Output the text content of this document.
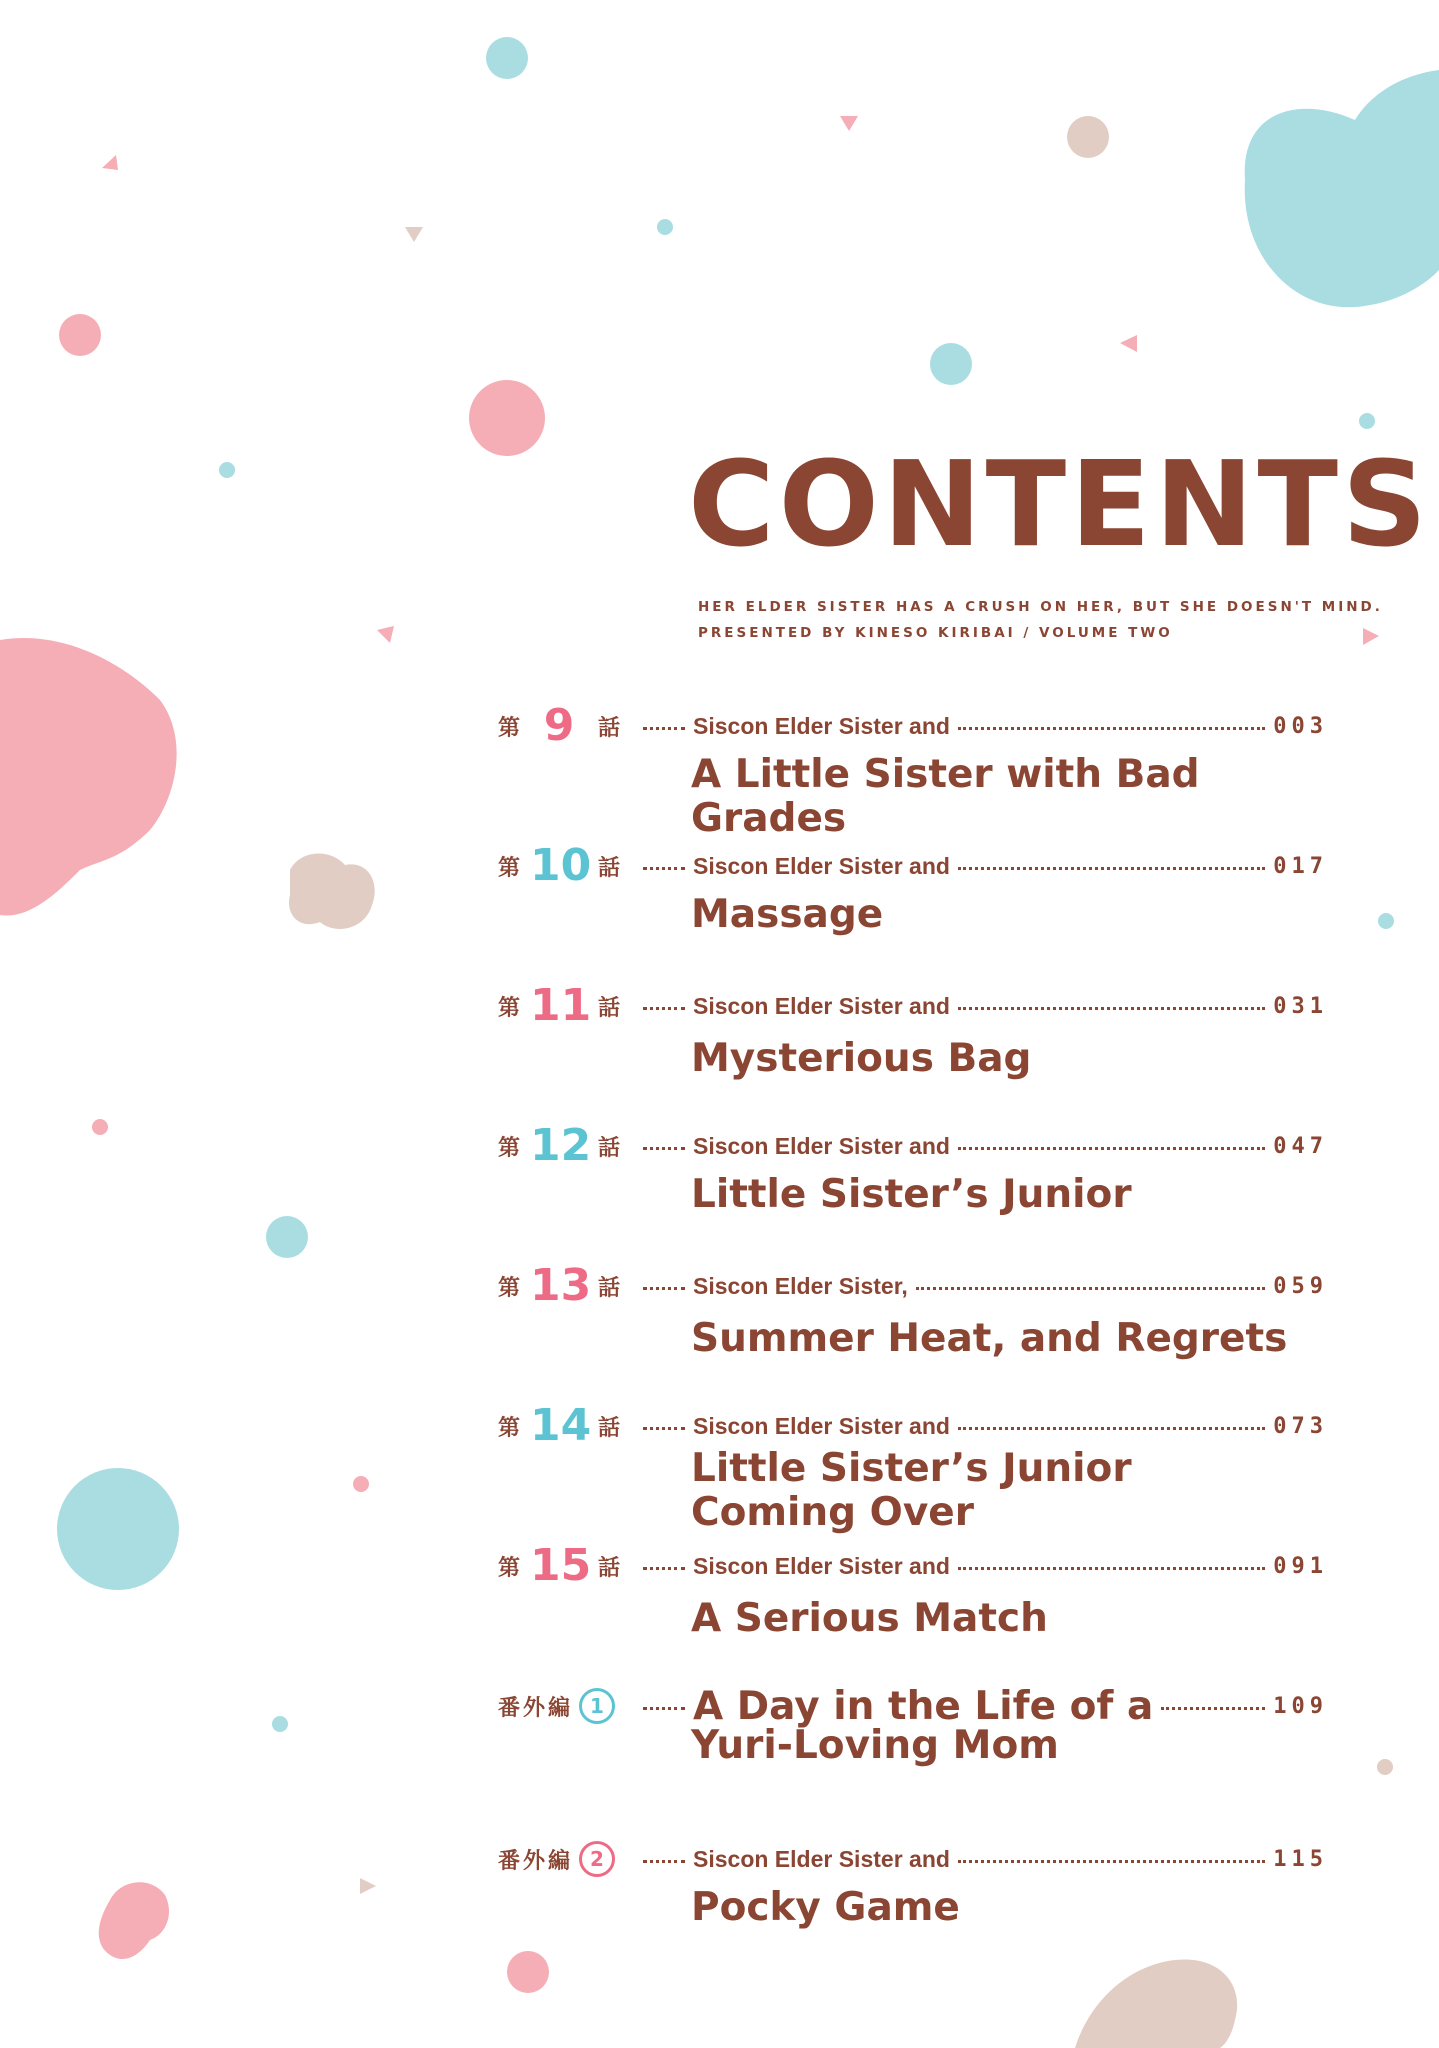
CONTENTS
HER ELDER SISTER HAS A CRUSH ON HER, BUT SHE DOESN'T MIND.
PRESENTED BY KINESO KIRIBAI / VOLUME TWO
第 9	話	Siscon Elder Sister and	003
A Little Sister with Bad Grades
第 10 話	Siscon Elder Sister and	017
Massage
第 11 話	Siscon Elder Sister and	031
Mysterious Bag
第 12 話	Siscon Elder Sister and	047
Little Sister’s Junior
第 13 話	Siscon Elder Sister,	059
Summer Heat, and Regrets
第 14 話	Siscon Elder Sister and	073
Little Sister’s Junior
Coming Over
第 15 話	Siscon Elder Sister and	091
A Serious Match
番外編 1 A Day in the Life of a	109
Yuri-Loving Mom
番外編 2	Siscon Elder Sister and	115
Pocky Game
